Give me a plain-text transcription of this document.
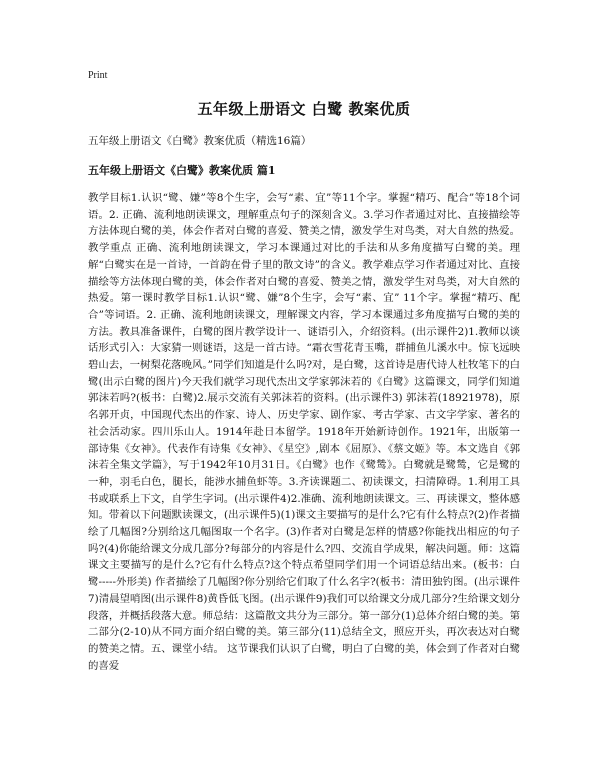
Print
五年级上册语文 白鹭 教案优质
五年级上册语文《白鹭》教案优质（精选16篇）
五年级上册语文《白鹭》教案优质 篇1

教学目标1.认识“鹭、嫌”等8个生字，会写“素、宜”等11个字。掌握“精巧、配合”等18个词语。2. 正确、流利地朗读课文，理解重点句子的深刻含义。3.学习作者通过对比、直接描绘等方法体现白鹭的美，体会作者对白鹭的喜爱、赞美之情，激发学生对鸟类，对大自然的热爱。教学重点 正确、流利地朗读课文，学习本课通过对比的手法和从多角度描写白鹭的美。理解“白鹭实在是一首诗，一首韵在骨子里的散文诗”的含义。教学难点学习作者通过对比、直接描绘等方法体现白鹭的美，体会作者对白鹭的喜爱、赞美之情，激发学生对鸟类，对大自然的热爱。第一课时教学目标1.认识“鹭、嫌”8个生字，会写“素、宜” 11个字。掌握“精巧、配合”等词语。2. 正确、流利地朗读课文，理解课文内容，学习本课通过多角度描写白鹭的美的方法。教具准备课件，白鹭的图片教学设计一、谜语引入，介绍资料。(出示课件2)1.教师以谈话形式引入：大家猜一则谜语，这是一首古诗。“霜衣雪花青玉嘴，群捕鱼儿溪水中。惊飞远映碧山去，一树梨花落晚风。”同学们知道是什么吗?对，是白鹭，这首诗是唐代诗人杜牧笔下的白鹭(出示白鹭的图片)今天我们就学习现代杰出文学家郭沫若的《白鹭》这篇课文，同学们知道郭沫若吗?(板书：白鹭)2.展示交流有关郭沫若的资料。(出示课件3) 郭沫若(18921978)，原名郭开贞，中国现代杰出的作家、诗人、历史学家、剧作家、考古学家、古文字学家、著名的社会活动家。四川乐山人。1914年赴日本留学。1918年开始新诗创作。1921年，出版第一部诗集《女神》。代表作有诗集《女神》、《星空》,剧本《屈原》、《蔡文姬》等。本文选自《郭沫若全集文学篇》，写于1942年10月31日。《白鹭》也作《鹭鸶》。白鹭就是鹭鸶，它是鹭的一种，羽毛白色，腿长，能涉水捕鱼虾等。3.齐读课题二、初读课文，扫清障碍。1.利用工具书或联系上下文，自学生字词。(出示课件4)2.准确、流利地朗读课文。三、再读课文，整体感知。带着以下问题默读课文，(出示课件5)(1)课文主要描写的是什么?它有什么特点?(2)作者描绘了几幅图?分别给这几幅图取一个名字。(3)作者对白鹭是怎样的情感?你能找出相应的句子吗?(4)你能给课文分成几部分?每部分的内容是什么?四、交流自学成果，解决问题。师：这篇课文主要描写的是什么?它有什么特点?这个特点希望同学们用一个词语总结出来。(板书：白鹭-----外形美) 作者描绘了几幅图?你分别给它们取了什么名字?(板书：清田独钓图。(出示课件7)清晨望哨图(出示课件8)黄昏低飞图。(出示课件9)我们可以给课文分成几部分?生给课文划分段落，并概括段落大意。师总结：这篇散文共分为三部分。第一部分(1)总体介绍白鹭的美。第二部分(2-10)从不同方面介绍白鹭的美。第三部分(11)总结全文，照应开头，再次表达对白鹭的赞美之情。五、课堂小结。 这节课我们认识了白鹭，明白了白鹭的美，体会到了作者对白鹭的喜爱
